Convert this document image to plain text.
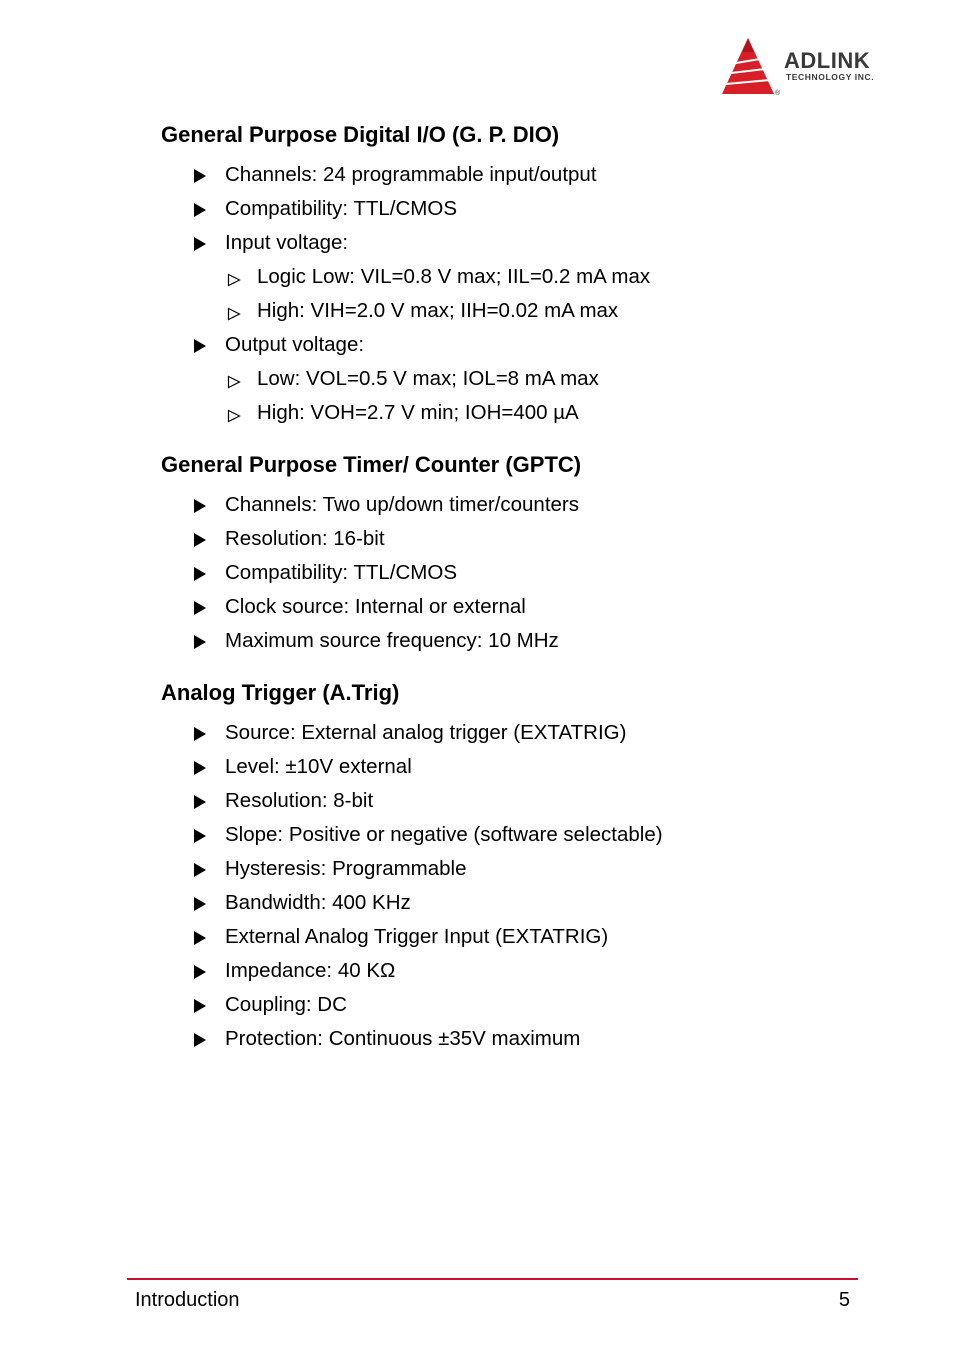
ADLINK
TECHNOLOGY INC.
®
General Purpose Digital I/O (G. P. DIO)
Channels: 24 programmable input/output
Compatibility: TTL/CMOS
Input voltage:
Logic Low: VIL=0.8 V max; IIL=0.2 mA max
High: VIH=2.0 V max; IIH=0.02 mA max
Output voltage:
Low: VOL=0.5 V max; IOL=8 mA max
High: VOH=2.7 V min; IOH=400 µA
General Purpose Timer/ Counter (GPTC)
Channels: Two up/down timer/counters
Resolution: 16-bit
Compatibility: TTL/CMOS
Clock source: Internal or external
Maximum source frequency: 10 MHz
Analog Trigger (A.Trig)
Source: External analog trigger (EXTATRIG)
Level: ±10V external
Resolution: 8-bit
Slope: Positive or negative (software selectable)
Hysteresis: Programmable
Bandwidth: 400 KHz
External Analog Trigger Input (EXTATRIG)
Impedance: 40 KΩ
Coupling: DC
Protection: Continuous ±35V maximum
Introduction	5
